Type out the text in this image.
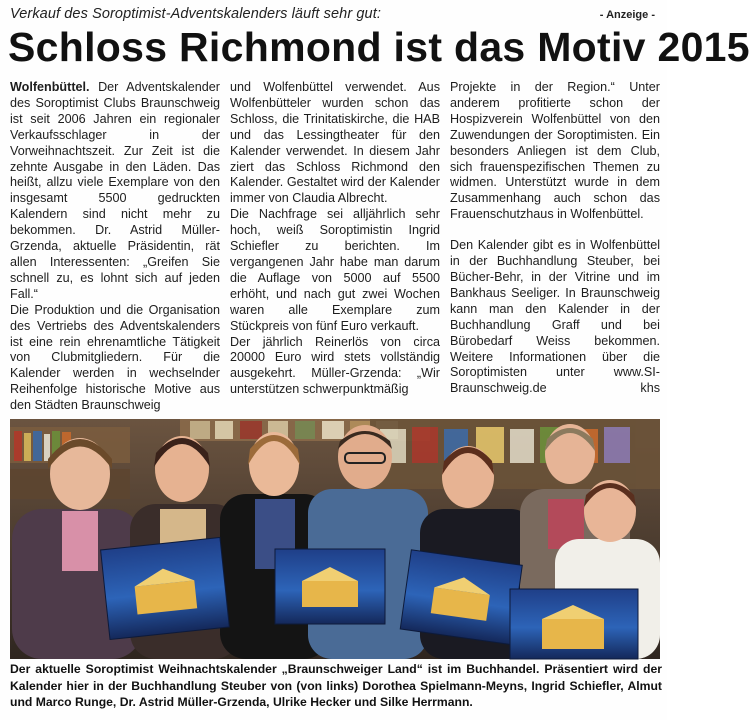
Verkauf des Soroptimist-Adventskalenders läuft sehr gut:	- Anzeige -
Schloss Richmond ist das Motiv 2015

Wolfenbüttel. Der Adventskalender des Soroptimist Clubs Braunschweig ist seit 2006 Jahren ein regionaler Verkaufsschlager in der Vorweihnachtszeit. Zur Zeit ist die zehnte Ausgabe in den Läden. Das heißt, allzu viele Exemplare von den insgesamt 5500 gedruckten Kalendern sind nicht mehr zu bekommen. Dr. Astrid Müller-Grzenda, aktuelle Präsidentin, rät allen Interessenten: „Greifen Sie schnell zu, es lohnt sich auf jeden Fall.“

Die Produktion und die Organisation des Vertriebs des Adventskalenders ist eine rein ehrenamtliche Tätigkeit von Clubmitgliedern. Für die Kalender werden in wechselnder Reihenfolge historische Motive aus den Städten Braunschweig

und Wolfenbüttel verwendet. Aus Wolfenbütteler wurden schon das Schloss, die Trinitatiskirche, die HAB und das Lessingtheater für den Kalender verwendet. In diesem Jahr ziert das Schloss Richmond den Kalender. Gestaltet wird der Kalender immer von Claudia Albrecht.

Die Nachfrage sei alljährlich sehr hoch, weiß Soroptimistin Ingrid Schiefler zu berichten. Im vergangenen Jahr habe man darum die Auflage von 5000 auf 5500 erhöht, und nach gut zwei Wochen waren alle Exemplare zum Stückpreis von fünf Euro verkauft.

Der jährlich Reinerlös von circa 20000 Euro wird stets vollständig ausgekehrt. Müller-Grzenda: „Wir unterstützen schwerpunktmäßig

Projekte in der Region.“ Unter anderem profitierte schon der Hospizverein Wolfenbüttel von den Zuwendungen der Soroptimisten. Ein besonders Anliegen ist dem Club, sich frauenspezifischen Themen zu widmen. Unterstützt wurde in dem Zusammenhang auch schon das Frauenschutzhaus in Wolfenbüttel.

Den Kalender gibt es in Wolfenbüttel in der Buchhandlung Steuber, bei Bücher-Behr, in der Vitrine und im Bankhaus Seeliger. In Braunschweig kann man den Kalender in der Buchhandlung Graff und bei Bürobedarf Weiss bekommen. Weitere Informationen über die Soroptimisten unter www.SI-Braunschweig.de	khs

Der aktuelle Soroptimist Weihnachtskalender „Braunschweiger Land“ ist im Buchhandel. Präsentiert wird der Kalender hier in der Buchhandlung Steuber von (von links) Dorothea Spielmann-Meyns, Ingrid Schiefler, Almut und Marco Runge, Dr. Astrid Müller-Grzenda, Ulrike Hecker und Silke Herrmann.
